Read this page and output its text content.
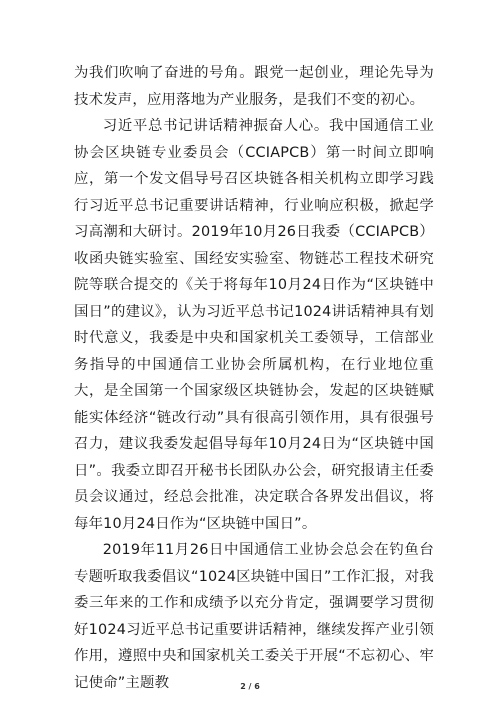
为我们吹响了奋进的号角。跟党一起创业，理论先导为技术发声，应用落地为产业服务，是我们不变的初心。

习近平总书记讲话精神振奋人心。我中国通信工业协会区块链专业委员会（CCIAPCB）第一时间立即响应，第一个发文倡导号召区块链各相关机构立即学习践行习近平总书记重要讲话精神，行业响应积极，掀起学习高潮和大研讨。2019年10月26日我委（CCIAPCB）收函央链实验室、国经安实验室、物链芯工程技术研究院等联合提交的《关于将每年10月24日作为“区块链中国日”的建议》，认为习近平总书记1024讲话精神具有划时代意义，我委是中央和国家机关工委领导，工信部业务指导的中国通信工业协会所属机构，在行业地位重大，是全国第一个国家级区块链协会，发起的区块链赋能实体经济“链改行动”具有很高引领作用，具有很强号召力，建议我委发起倡导每年10月24日为“区块链中国日”。我委立即召开秘书长团队办公会，研究报请主任委员会议通过，经总会批准，决定联合各界发出倡议，将每年10月24日作为“区块链中国日”。

2019年11月26日中国通信工业协会总会在钓鱼台专题听取我委倡议“1024区块链中国日”工作汇报，对我委三年来的工作和成绩予以充分肯定，强调要学习贯彻好1024习近平总书记重要讲话精神，继续发挥产业引领作用，遵照中央和国家机关工委关于开展“不忘初心、牢记使命”主题教	2 / 6
